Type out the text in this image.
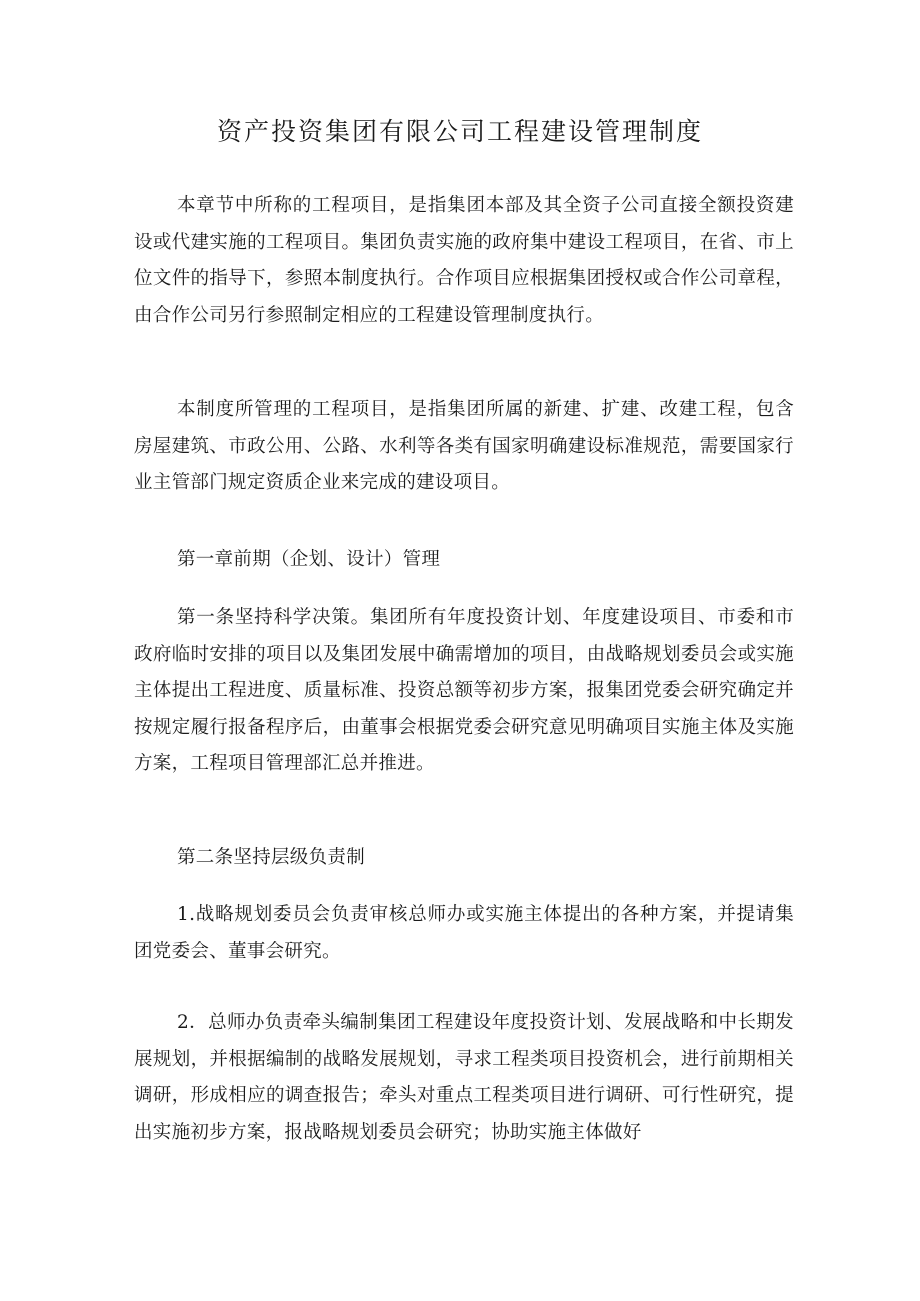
资产投资集团有限公司工程建设管理制度

本章节中所称的工程项目，是指集团本部及其全资子公司直接全额投资建设或代建实施的工程项目。集团负责实施的政府集中建设工程项目，在省、市上位文件的指导下，参照本制度执行。合作项目应根据集团授权或合作公司章程，由合作公司另行参照制定相应的工程建设管理制度执行。

本制度所管理的工程项目，是指集团所属的新建、扩建、改建工程，包含房屋建筑、市政公用、公路、水利等各类有国家明确建设标准规范，需要国家行业主管部门规定资质企业来完成的建设项目。

第一章前期（企划、设计）管理

第一条坚持科学决策。集团所有年度投资计划、年度建设项目、市委和市政府临时安排的项目以及集团发展中确需增加的项目，由战略规划委员会或实施主体提出工程进度、质量标准、投资总额等初步方案，报集团党委会研究确定并按规定履行报备程序后，由董事会根据党委会研究意见明确项目实施主体及实施方案，工程项目管理部汇总并推进。

第二条坚持层级负责制

1.战略规划委员会负责审核总师办或实施主体提出的各种方案，并提请集团党委会、董事会研究。

2．总师办负责牵头编制集团工程建设年度投资计划、发展战略和中长期发展规划，并根据编制的战略发展规划，寻求工程类项目投资机会，进行前期相关调研，形成相应的调查报告；牵头对重点工程类项目进行调研、可行性研究，提出实施初步方案，报战略规划委员会研究；协助实施主体做好
